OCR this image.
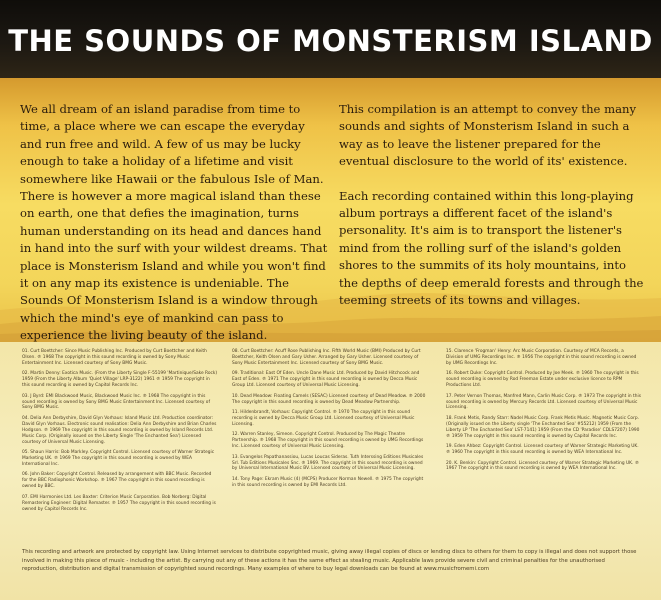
THE SOUNDS OF MONSTERISM ISLAND

We all dream of an island paradise from time to time, a place where we can escape the everyday and run free and wild. A few of us may be lucky enough to take a holiday of a lifetime and visit somewhere like Hawaii or the fabulous Isle of Man. There is however a more magical island than these on earth, one that defies the imagination, turns human understanding on its head and dances hand in hand into the surf with your wildest dreams. That place is Monsterism Island and while you won't find it on any map its existence is undeniable. The Sounds Of Monsterism Island is a window through which the mind's eye of mankind can pass to experience the living beauty of the island.

This compilation is an attempt to convey the many sounds and sights of Monsterism Island in such a way as to leave the listener prepared for the eventual disclosure to the world of its' existence.

Each recording contained within this long-playing album portrays a different facet of the island's personality. It's aim is to transport the listener's mind from the rolling surf of the island's golden shores to the summits of its holy mountains, into the depths of deep emerald forests and through the teeming streets of its towns and villages.

01. Curt Boettcher: Since Music Publishing Inc. Produced by Curt Boettcher and Keith Olsen. ℗ 1968 The copyright in this sound recording is owned by Sony Music Entertainment Inc. Licensed courtesy of Sony BMG Music.
02. Martin Denny: Exotica Music. (From the Liberty Single F-55199 'Martinique/Sake Rock) 1959 (From the Liberty Album 'Quiet Village' LRP-3122) 1961 ℗ 1959 The copyright in this sound recording is owned by Capitol Records Inc.
03. J Byrd: EMI Blackwood Music, Blackwood Music Inc. ℗ 1968 The copyright in this sound recording is owned by Sony BMG Music Entertainment Inc. Licensed courtesy of Sony BMG Music.
04. Delia Ann Derbyshire, David Glyn Vorhaus: Island Music Ltd. Production coordinator: David Glyn Vorhaus. Electronic sound realisation: Delia Ann Derbyshire and Brian Charles Hodgson. ℗ 1969 The copyright in this sound recording is owned by Island Records Ltd. Music Corp. (Originally issued on the Liberty Single 'The Enchanted Sea') Licensed courtesy of Universal Music Licensing.
05. Shaun Harris: Bob Markley. Copyright Control. Licensed courtesy of Warner Strategic Marketing UK. ℗ 1969 The copyright in this sound recording is owned by WEA International Inc.
06. John Baker: Copyright Control. Released by arrangement with BBC Music. Recorded for the BBC Radiophonic Workshop. ℗ 1967 The copyright in this sound recording is owned by BBC.
07. EMI Harmonies Ltd. Les Baxter: Criterion Music Corporation. Bob Norberg: Digital Remastering Engineer: Digital Remaster. ℗ 1957 The copyright in this sound recording is owned by Capitol Records Inc.
08. Curt Boettcher: Acuff Rose Publishing Inc. Fifth World Music (BMI) Produced by Curt Boettcher, Keith Olsen and Gary Usher. Arranged by Gary Usher. Licensed courtesy of Sony Music Entertainment Inc. Licensed courtesy of Sony BMG Music.
09. Traditional: East Of Eden. Uncle Dane Music Ltd. Produced by David Hitchcock and East of Eden. ℗ 1971 The copyright in this sound recording is owned by Decca Music Group Ltd. Licensed courtesy of Universal Music Licensing.
10. Dead Meadow: Floating Camels (SESAC) Licensed courtesy of Dead Meadow. ℗ 2000 The copyright in this sound recording is owned by Dead Meadow Partnership.
11. Hildenbrandt, Vorhaus: Copyright Control. ℗ 1970 The copyright in this sound recording is owned by Decca Music Group Ltd. Licensed courtesy of Universal Music Licensing.
12. Warren Stanley, Simeon. Copyright Control. Produced by The Magic Theatre Partnership. ℗ 1968 The copyright in this sound recording is owned by UMG Recordings Inc. Licensed courtesy of Universal Music Licensing.
13. Evangelos Papathanassiou, Lucas Loucas Sideras. Tuth Interssing Editions Musicales Srl. Tub Editions Musicales Snc. ℗ 1969. The copyright in this sound recording is owned by Universal International Music BV. Licensed courtesy of Universal Music Licensing.
14. Tony Page: Ekram Music (4) (MCPS) Producer Norman Newell. ℗ 1975 The copyright in this sound recording is owned by EMI Records Ltd.
15. Clarence 'Frogman' Henry: Arc Music Corporation. Courtesy of MCA Records, a Division of UMG Recordings Inc. ℗ 1956 The copyright in this sound recording is owned by UMG Recordings Inc.
16. Robert Duke: Copyright Control. Produced by Joe Meek. ℗ 1960 The copyright in this sound recording is owned by Rod Freeman Estate under exclusive licence to RPM Productions Ltd.
17. Peter Vernon Thomas, Manfred Mann, Carlin Music Corp. ℗ 1973 The copyright in this sound recording is owned by Mercury Records Ltd. Licensed courtesy of Universal Music Licensing.
18. Frank Metis, Randy Starr: Nadel Music Corp. Frank Metis Music. Magnetic Music Corp. (Originally issued on the Liberty single 'The Enchanted Sea' #55212) 1959 (From the Liberty LP 'The Enchanted Sea' LST-7141) 1959 (From the CD 'Paradise' CDLS7207) 1990 ℗ 1959 The copyright in this sound recording is owned by Capitol Records Inc.
19. Eden Ahbez: Copyright Control. Licensed courtesy of Warner Strategic Marketing UK. ℗ 1960 The copyright in this sound recording is owned by WEA International Inc.
20. K. Benkin: Copyright Control. Licensed courtesy of Warner Strategic Marketing UK. ℗ 1967 The copyright in this sound recording is owned by WEA International Inc.
This recording and artwork are protected by copyright law. Using Internet services to distribute copyrighted music, giving away illegal copies of discs or lending discs to others for them to copy is illegal and does not support those involved in making this piece of music - including the artist. By carrying out any of these actions it has the same effect as stealing music. Applicable laws provide severe civil and criminal penalties for the unauthorised reproduction, distribution and digital transmission of copyrighted sound recordings. Many examples of where to buy legal downloads can be found at www.musicfromemi.com
